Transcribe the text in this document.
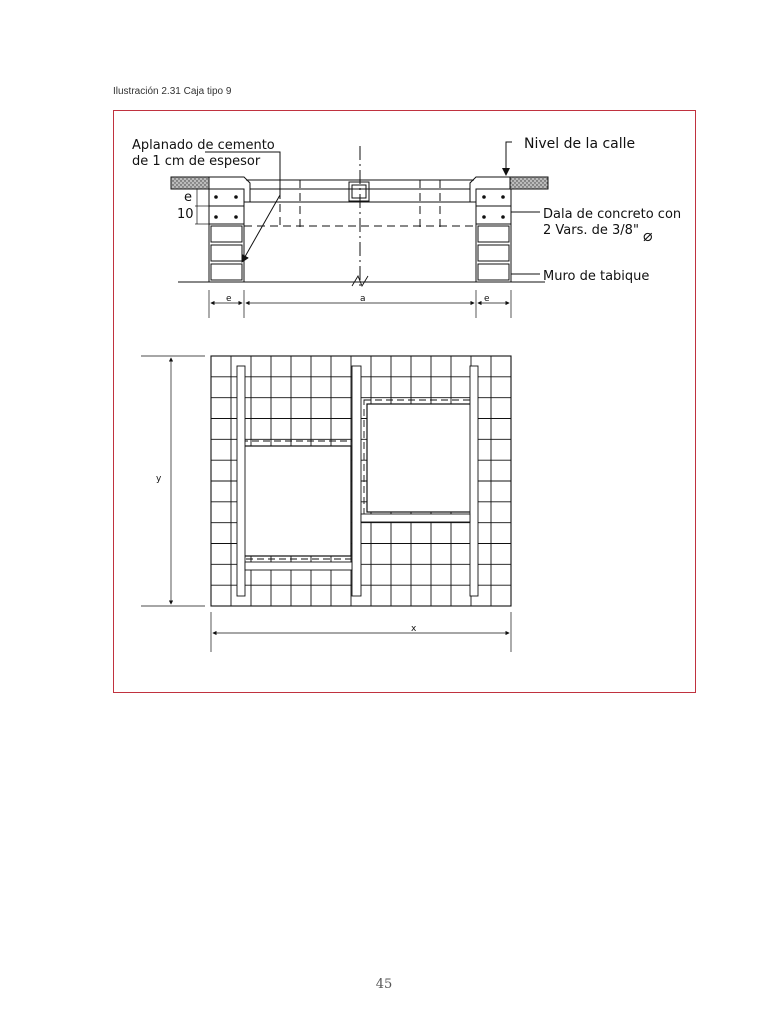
Ilustración 2.31 Caja tipo 9
Aplanado de cemento
de 1 cm de espesor
Nivel de la calle
Dala de concreto con
2 Vars. de 3/8" ⌀
Muro de tabique
e
10
e	a	e
y
x
45
